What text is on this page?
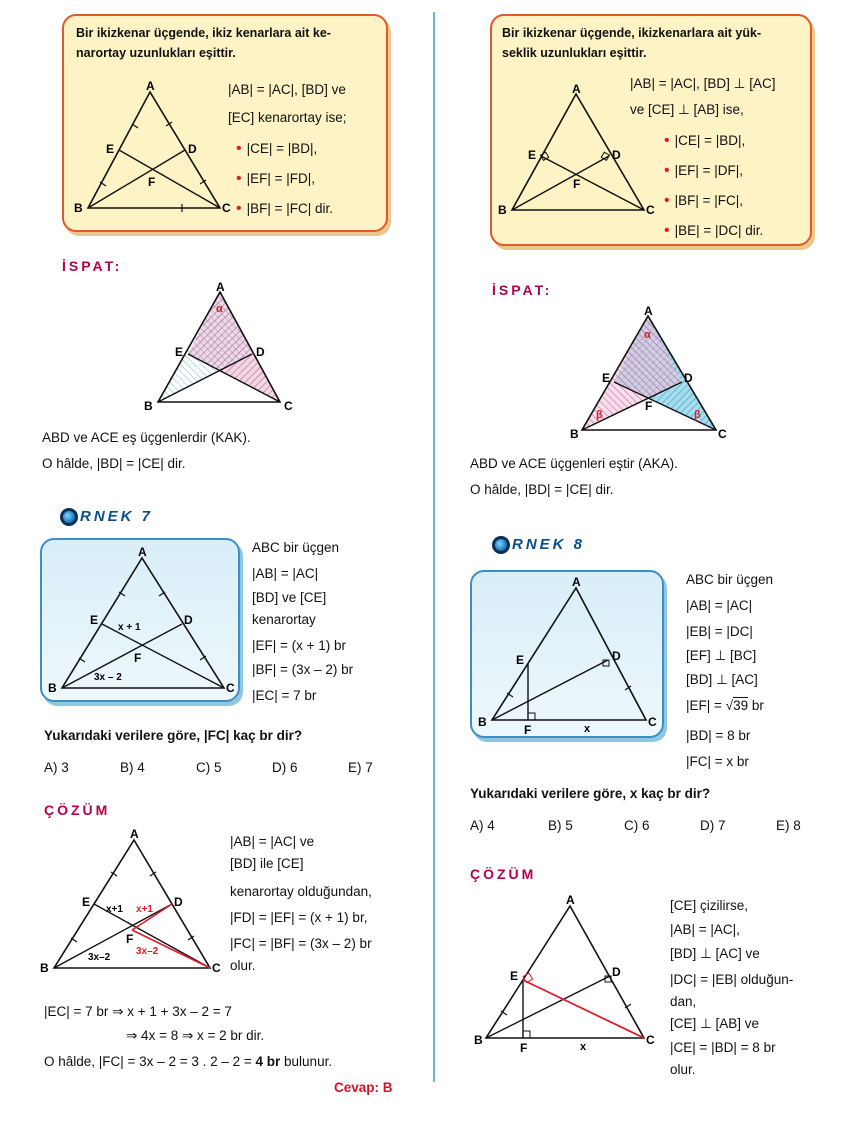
Bir ikizkenar üçgende, ikiz kenarlara ait ke-
narortay uzunlukları eşittir.
A
E	D
F
B	C
|AB| = |AC|, [BD] ve
[EC] kenarortay ise;
• |CE| = |BD|,
• |EF| = |FD|,
• |BF| = |FC| dir.
İSPAT:
A
α
E	D
B	C
ABD ve ACE eş üçgenlerdir (KAK).
O hâlde, |BD| = |CE| dir.
RNEK 7
A
E	D
F
B	C
x + 1
3x – 2
ABC bir üçgen
|AB| = |AC|
[BD] ve [CE]
kenarortay
|EF| = (x + 1) br
|BF| = (3x – 2) br
|EC| = 7 br
Yukarıdaki verilere göre, |FC| kaç br dir?
A) 3	B) 4	C) 5	D) 6	E) 7
ÇÖZÜM
A
E	D
F
B	C
x+1 x+1
3x–2
3x–2
|AB| = |AC| ve
[BD] ile [CE]
kenarortay olduğundan,
|FD| = |EF| = (x + 1) br,
|FC| = |BF| = (3x – 2) br
olur.
|EC| = 7 br ⇒ x + 1 + 3x – 2 = 7
⇒ 4x = 8 ⇒ x = 2 br dir.
O hâlde, |FC| = 3x – 2 = 3 . 2 – 2 = 4 br bulunur.
Cevap: B
Bir ikizkenar üçgende, ikizkenarlara ait yük-
seklik uzunlukları eşittir.
A
E	D
F
B	C
|AB| = |AC|, [BD] ⊥ [AC]
ve [CE] ⊥ [AB] ise,
• |CE| = |BD|,
• |EF| = |DF|,
• |BF| = |FC|,
• |BE| = |DC| dir.
İSPAT:
A
α
E	D
F
β	β
B	C
ABD ve ACE üçgenleri eştir (AKA).
O hâlde, |BD| = |CE| dir.
RNEK 8
A
E	D
B
F	x	C
ABC bir üçgen
|AB| = |AC|
|EB| = |DC|
[EF] ⊥ [BC]
[BD] ⊥ [AC]
|EF| = √39 br
|BD| = 8 br
|FC| = x br
Yukarıdaki verilere göre, x kaç br dir?
A) 4	B) 5	C) 6	D) 7	E) 8
ÇÖZÜM
A
E	D
B
F	x	C
[CE] çizilirse,
|AB| = |AC|,
[BD] ⊥ [AC] ve
|DC| = |EB| olduğun-
dan,
[CE] ⊥ [AB] ve
|CE| = |BD| = 8 br
olur.
